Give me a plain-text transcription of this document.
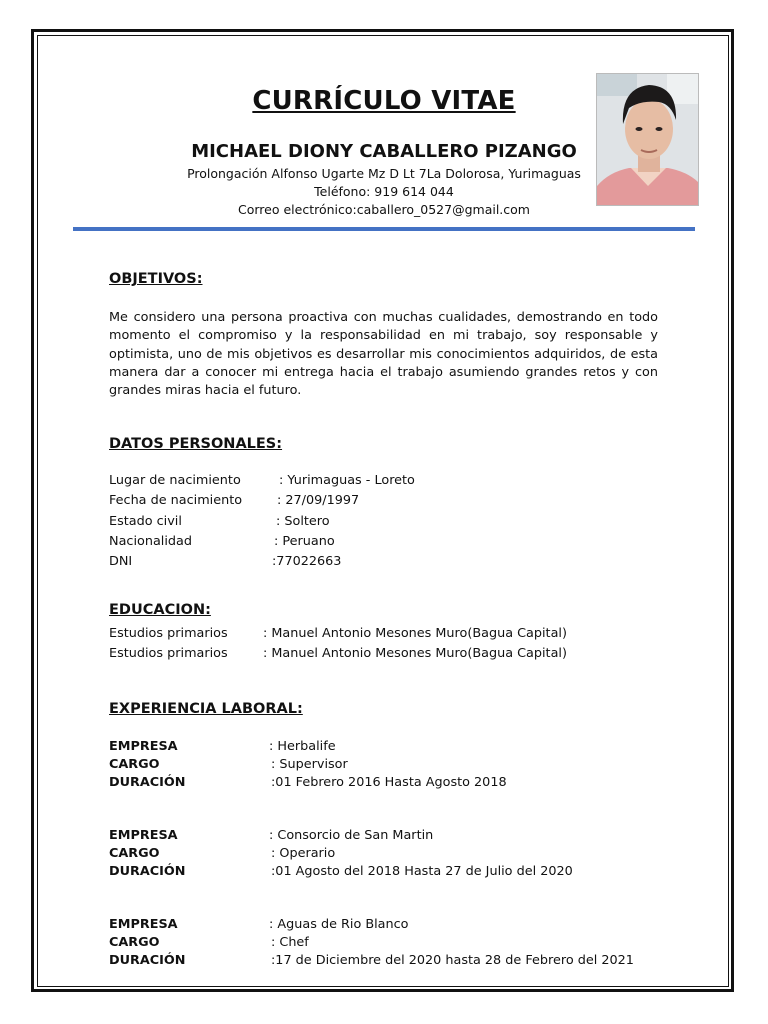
CURRÍCULO VITAE
MICHAEL DIONY CABALLERO PIZANGO
Prolongación Alfonso Ugarte Mz D Lt 7La Dolorosa, Yurimaguas
Teléfono: 919 614 044
Correo electrónico:caballero_0527@gmail.com
OBJETIVOS:
Me considero una persona proactiva con muchas cualidades, demostrando en todo momento el compromiso y la responsabilidad en mi trabajo, soy responsable y optimista, uno de mis objetivos es desarrollar mis conocimientos adquiridos, de esta manera dar a conocer mi entrega hacia el trabajo asumiendo grandes retos y con grandes miras hacia el futuro.
DATOS PERSONALES:
Lugar de nacimiento	: Yurimaguas - Loreto
Fecha de nacimiento	: 27/09/1997
Estado civil	: Soltero
Nacionalidad	: Peruano
DNI	:77022663
EDUCACION:
Estudios primarios	: Manuel Antonio Mesones Muro(Bagua Capital)
Estudios primarios	: Manuel Antonio Mesones Muro(Bagua Capital)
EXPERIENCIA LABORAL:
EMPRESA	: Herbalife
CARGO	: Supervisor
DURACIÓN	:01 Febrero 2016 Hasta Agosto 2018
EMPRESA	: Consorcio de San Martin
CARGO	: Operario
DURACIÓN	:01 Agosto del 2018 Hasta 27 de Julio del 2020
EMPRESA	: Aguas de Rio Blanco
CARGO	: Chef
DURACIÓN	:17 de Diciembre del 2020 hasta 28 de Febrero del 2021
